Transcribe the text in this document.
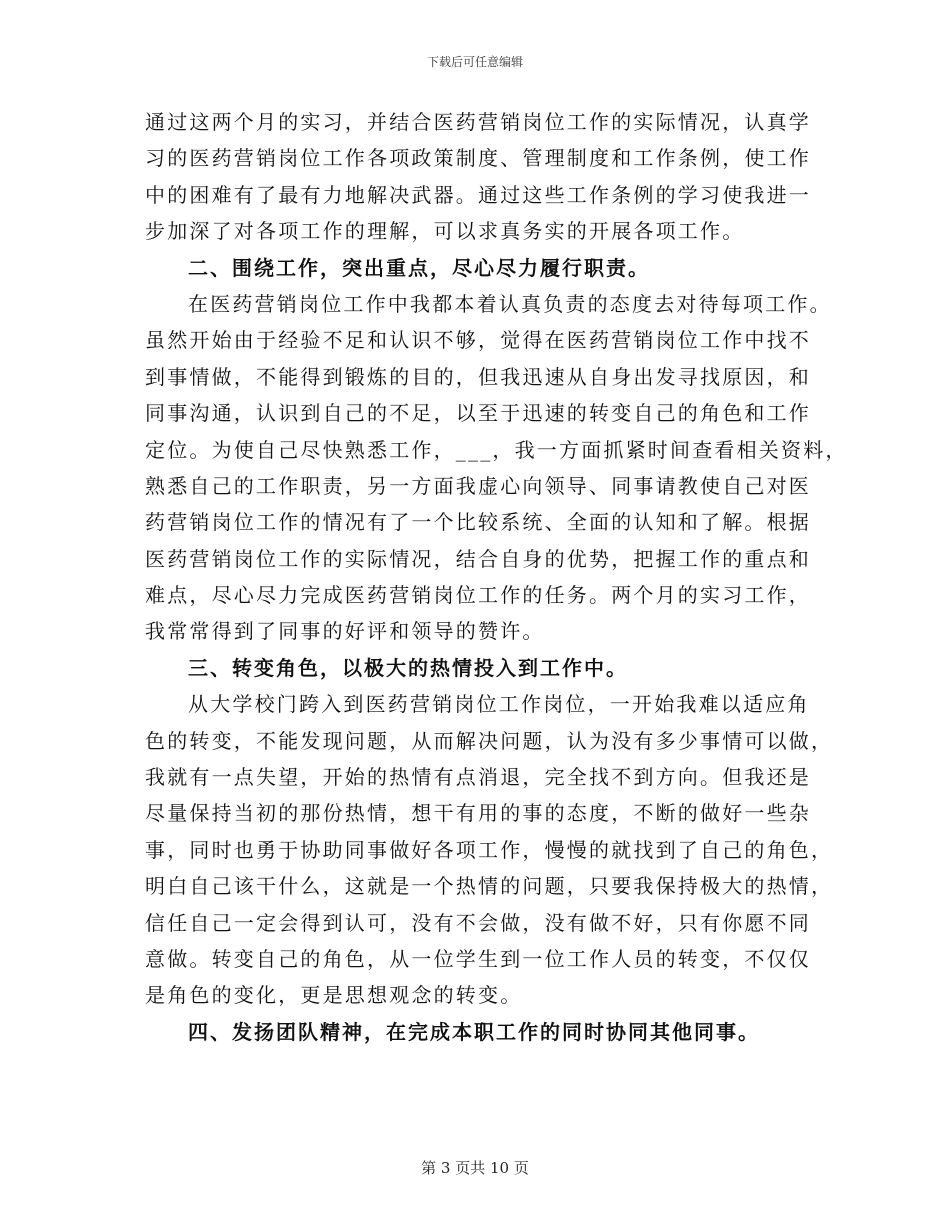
下载后可任意编辑
通过这两个月的实习，并结合医药营销岗位工作的实际情况，认真学
习的医药营销岗位工作各项政策制度、管理制度和工作条例，使工作
中的困难有了最有力地解决武器。通过这些工作条例的学习使我进一
步加深了对各项工作的理解，可以求真务实的开展各项工作。
二、围绕工作，突出重点，尽心尽力履行职责。
在医药营销岗位工作中我都本着认真负责的态度去对待每项工作。
虽然开始由于经验不足和认识不够，觉得在医药营销岗位工作中找不
到事情做，不能得到锻炼的目的，但我迅速从自身出发寻找原因，和
同事沟通，认识到自己的不足，以至于迅速的转变自己的角色和工作
定位。为使自己尽快熟悉工作，___，我一方面抓紧时间查看相关资料，
熟悉自己的工作职责，另一方面我虚心向领导、同事请教使自己对医
药营销岗位工作的情况有了一个比较系统、全面的认知和了解。根据
医药营销岗位工作的实际情况，结合自身的优势，把握工作的重点和
难点，尽心尽力完成医药营销岗位工作的任务。两个月的实习工作，
我常常得到了同事的好评和领导的赞许。
三、转变角色，以极大的热情投入到工作中。
从大学校门跨入到医药营销岗位工作岗位，一开始我难以适应角
色的转变，不能发现问题，从而解决问题，认为没有多少事情可以做，
我就有一点失望，开始的热情有点消退，完全找不到方向。但我还是
尽量保持当初的那份热情，想干有用的事的态度，不断的做好一些杂
事，同时也勇于协助同事做好各项工作，慢慢的就找到了自己的角色，
明白自己该干什么，这就是一个热情的问题，只要我保持极大的热情，
信任自己一定会得到认可，没有不会做，没有做不好，只有你愿不同
意做。转变自己的角色，从一位学生到一位工作人员的转变，不仅仅
是角色的变化，更是思想观念的转变。
四、发扬团队精神，在完成本职工作的同时协同其他同事。
第 3 页共 10 页
